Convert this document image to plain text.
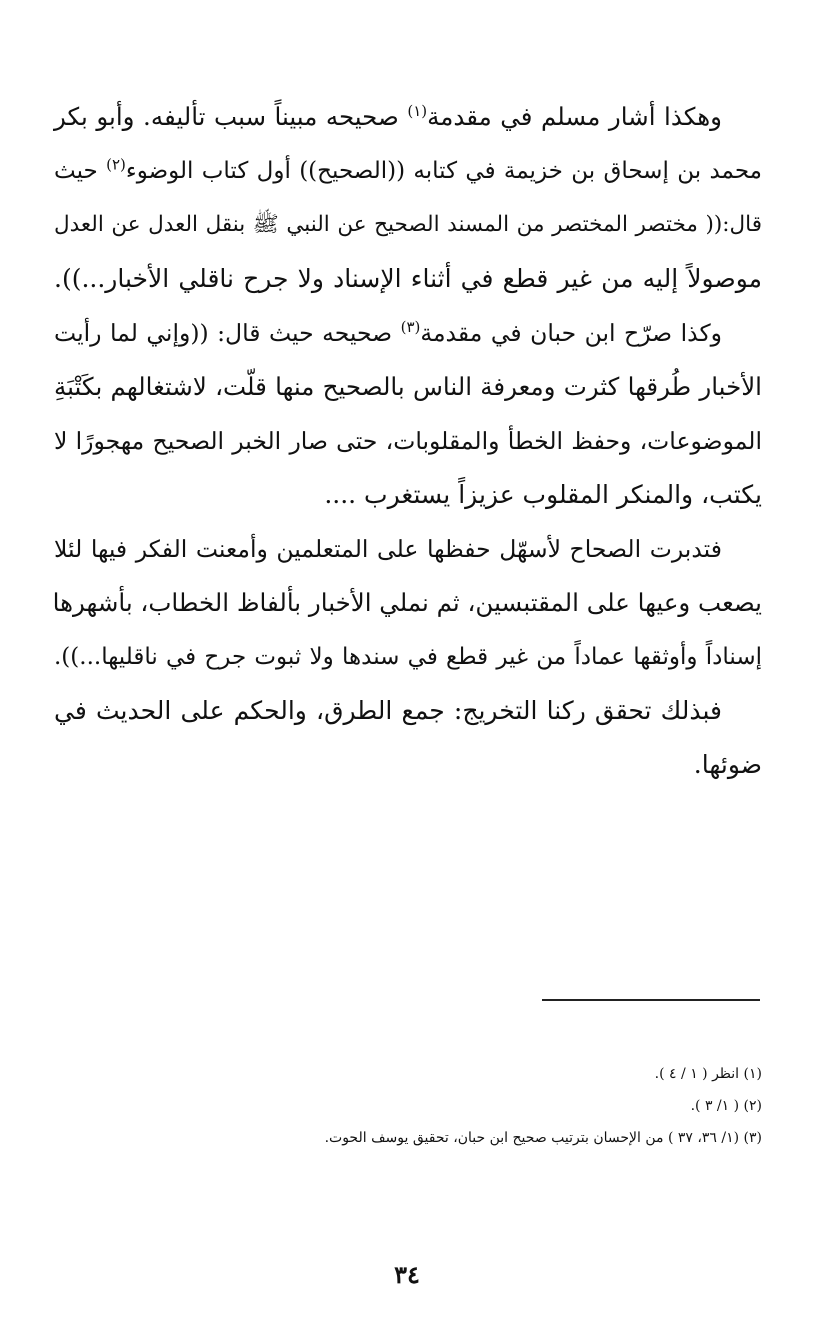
وهكذا أشار مسلم في مقدمة$^{(١)}$ صحيحه مبيناً سبب تأليفه. وأبو بكر
محمد بن إسحاق بن خزيمة في كتابه ((الصحيح)) أول كتاب الوضوء$^{(٢)}$ حيث
قال:(( مختصر المختصر من المسند الصحيح عن النبي ﷺ بنقل العدل عن العدل
موصولاً إليه من غير قطع في أثناء الإسناد ولا جرح ناقلي الأخبار...)).

وكذا صرّح ابن حبان في مقدمة$^{(٣)}$ صحيحه حيث قال: ((وإني لما رأيت
الأخبار طُرقها كثرت ومعرفة الناس بالصحيح منها قلّت، لاشتغالهم بكَتْبَةِ
الموضوعات، وحفظ الخطأ والمقلوبات، حتى صار الخبر الصحيح مهجورًا لا
يكتب، والمنكر المقلوب عزيزاً يستغرب ....

فتدبرت الصحاح لأسهّل حفظها على المتعلمين وأمعنت الفكر فيها لئلا
يصعب وعيها على المقتبسين، ثم نملي الأخبار بألفاظ الخطاب، بأشهرها
إسناداً وأوثقها عماداً من غير قطع في سندها ولا ثبوت جرح في ناقليها...)).

فبذلك تحقق ركنا التخريج: جمع الطرق، والحكم على الحديث في
ضوئها.

(١) انظر ( ١ / ٤ ).
(٢) ( ١/ ٣ ).
(٣) (١/ ٣٦، ٣٧ ) من الإحسان بترتيب صحيح ابن حبان، تحقيق يوسف الحوت.
٣٤
